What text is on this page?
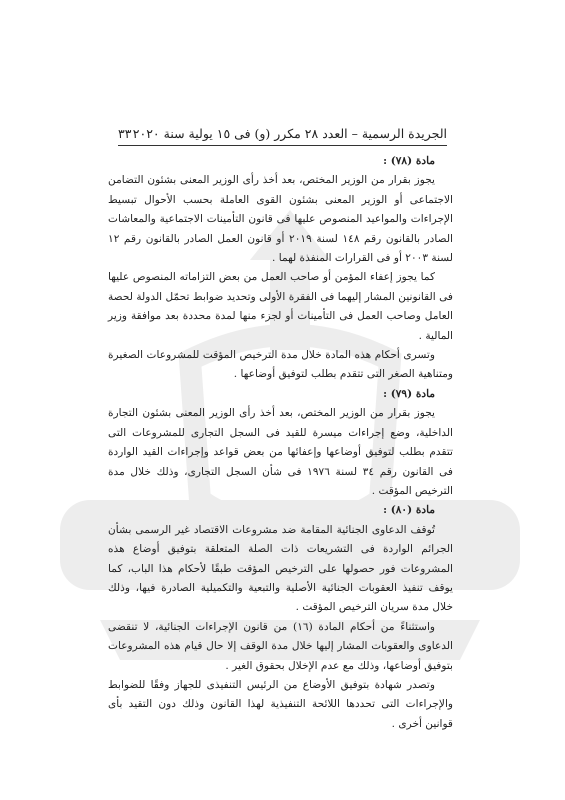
الجريدة الرسمية – العدد ٢٨ مكرر (و) فى ١٥ يولية سنة ٢٠٢٠
٣٣

مادة (٧٨) :

يجوز بقرار من الوزير المختص، بعد أخذ رأى الوزير المعنى بشئون التضامن الاجتماعى أو الوزير المعنى بشئون القوى العاملة بحسب الأحوال تبسيط الإجراءات والمواعيد المنصوص عليها فى قانون التأمينات الاجتماعية والمعاشات الصادر بالقانون رقم ١٤٨ لسنة ٢٠١٩ أو قانون العمل الصادر بالقانون رقم ١٢ لسنة ٢٠٠٣ أو فى القرارات المنفذة لهما .

كما يجوز إعفاء المؤمن أو صاحب العمل من بعض التزاماته المنصوص عليها فى القانونين المشار إليهما فى الفقرة الأولى وتحديد ضوابط تحمّل الدولة لحصة العامل وصاحب العمل فى التأمينات أو لجزء منها لمدة محددة بعد موافقة وزير المالية .

وتسرى أحكام هذه المادة خلال مدة الترخيص المؤقت للمشروعات الصغيرة ومتناهية الصغر التى تتقدم بطلب لتوفيق أوضاعها .

مادة (٧٩) :

يجوز بقرار من الوزير المختص، بعد أخذ رأى الوزير المعنى بشئون التجارة الداخلية، وضع إجراءات ميسرة للقيد فى السجل التجارى للمشروعات التى تتقدم بطلب لتوفيق أوضاعها وإعفائها من بعض قواعد وإجراءات القيد الواردة فى القانون رقم ٣٤ لسنة ١٩٧٦ فى شأن السجل التجارى، وذلك خلال مدة الترخيص المؤقت .

مادة (٨٠) :

تُوقف الدعاوى الجنائية المقامة ضد مشروعات الاقتصاد غير الرسمى بشأن الجرائم الواردة فى التشريعات ذات الصلة المتعلقة بتوفيق أوضاع هذه المشروعات فور حصولها على الترخيص المؤقت طبقًا لأحكام هذا الباب، كما يوقف تنفيذ العقوبات الجنائية الأصلية والتبعية والتكميلية الصادرة فيها، وذلك خلال مدة سريان الترخيص المؤقت .

واستثناءً من أحكام المادة (١٦) من قانون الإجراءات الجنائية، لا تنقضى الدعاوى والعقوبات المشار إليها خلال مدة الوقف إلا حال قيام هذه المشروعات بتوفيق أوضاعها، وذلك مع عدم الإخلال بحقوق الغير .

وتصدر شهادة بتوفيق الأوضاع من الرئيس التنفيذى للجهاز وفقًا للضوابط والإجراءات التى تحددها اللائحة التنفيذية لهذا القانون وذلك دون التقيد بأى قوانين أخرى .
